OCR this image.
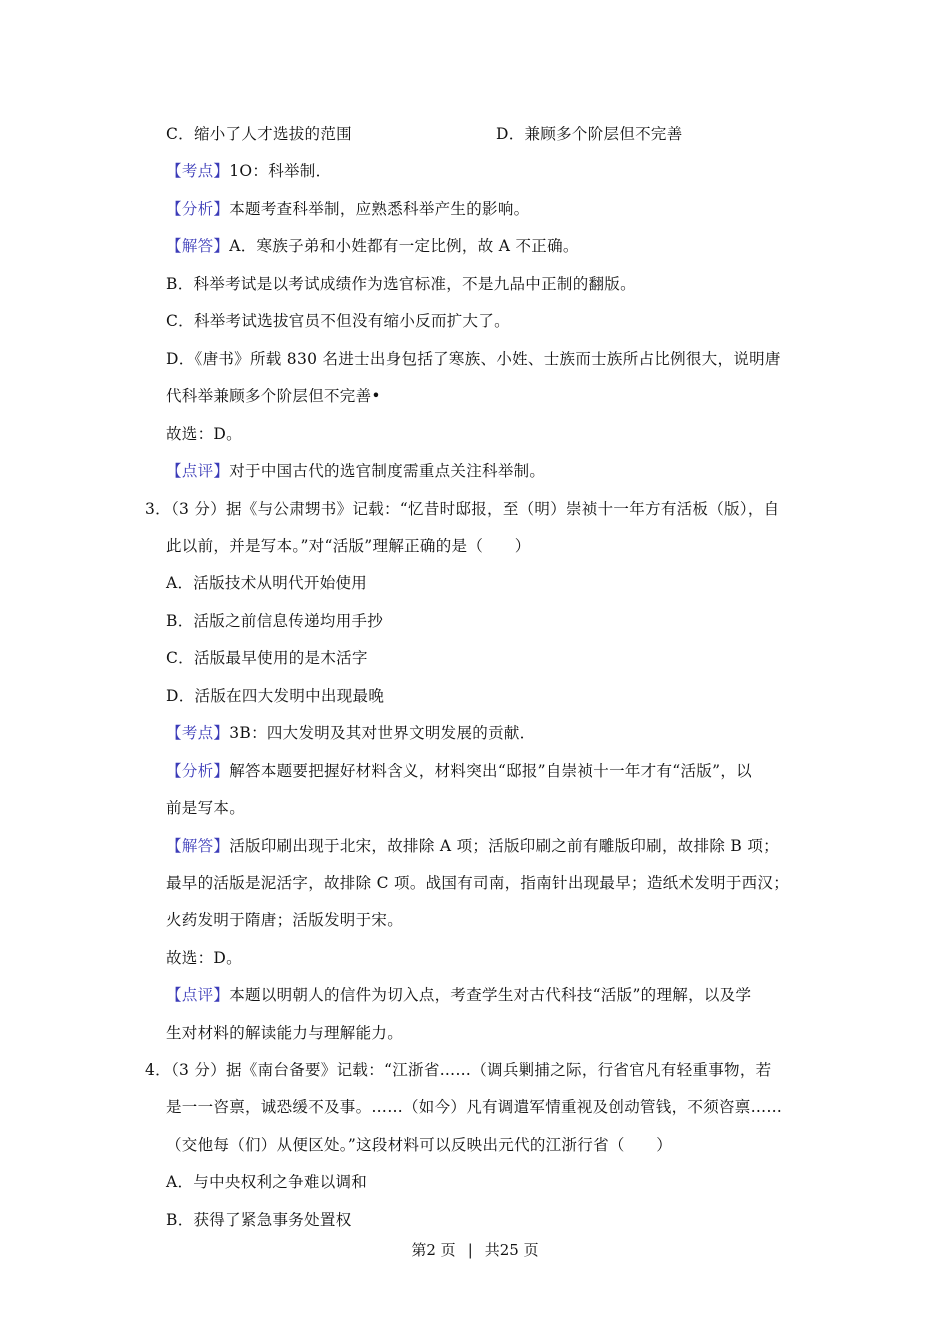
C．缩小了人才选拔的范围	D．兼顾多个阶层但不完善
【考点】1O：科举制．
【分析】本题考查科举制，应熟悉科举产生的影响。
【解答】A．寒族子弟和小姓都有一定比例，故 A 不正确。
B．科举考试是以考试成绩作为选官标准，不是九品中正制的翻版。
C．科举考试选拔官员不但没有缩小反而扩大了。
D．《唐书》所载 830 名进士出身包括了寒族、小姓、士族而士族所占比例很大，说明唐
代科举兼顾多个阶层但不完善•
故选：D。
【点评】对于中国古代的选官制度需重点关注科举制。
3．（3 分）据《与公肃甥书》记载：“忆昔时邸报，至（明）崇祯十一年方有活板（版），自
此以前，并是写本。”对“活版”理解正确的是（　　）
A．活版技术从明代开始使用
B．活版之前信息传递均用手抄
C．活版最早使用的是木活字
D．活版在四大发明中出现最晚
【考点】3B：四大发明及其对世界文明发展的贡献．
【分析】解答本题要把握好材料含义，材料突出“邸报”自崇祯十一年才有“活版”，以
前是写本。
【解答】活版印刷出现于北宋，故排除 A 项；活版印刷之前有雕版印刷，故排除 B 项；
最早的活版是泥活字，故排除 C 项。战国有司南，指南针出现最早；造纸术发明于西汉；
火药发明于隋唐；活版发明于宋。
故选：D。
【点评】本题以明朝人的信件为切入点，考查学生对古代科技“活版”的理解，以及学
生对材料的解读能力与理解能力。
4．（3 分）据《南台备要》记载：“江浙省……（调兵剿捕之际，行省官凡有轻重事物，若
是一一咨禀，诚恐缓不及事。……（如今）凡有调遣军情重视及创动管钱，不须咨禀……
（交他每（们）从便区处。”这段材料可以反映出元代的江浙行省（　　）
A．与中央权利之争难以调和
B．获得了紧急事务处置权
第2 页 | 共25 页
